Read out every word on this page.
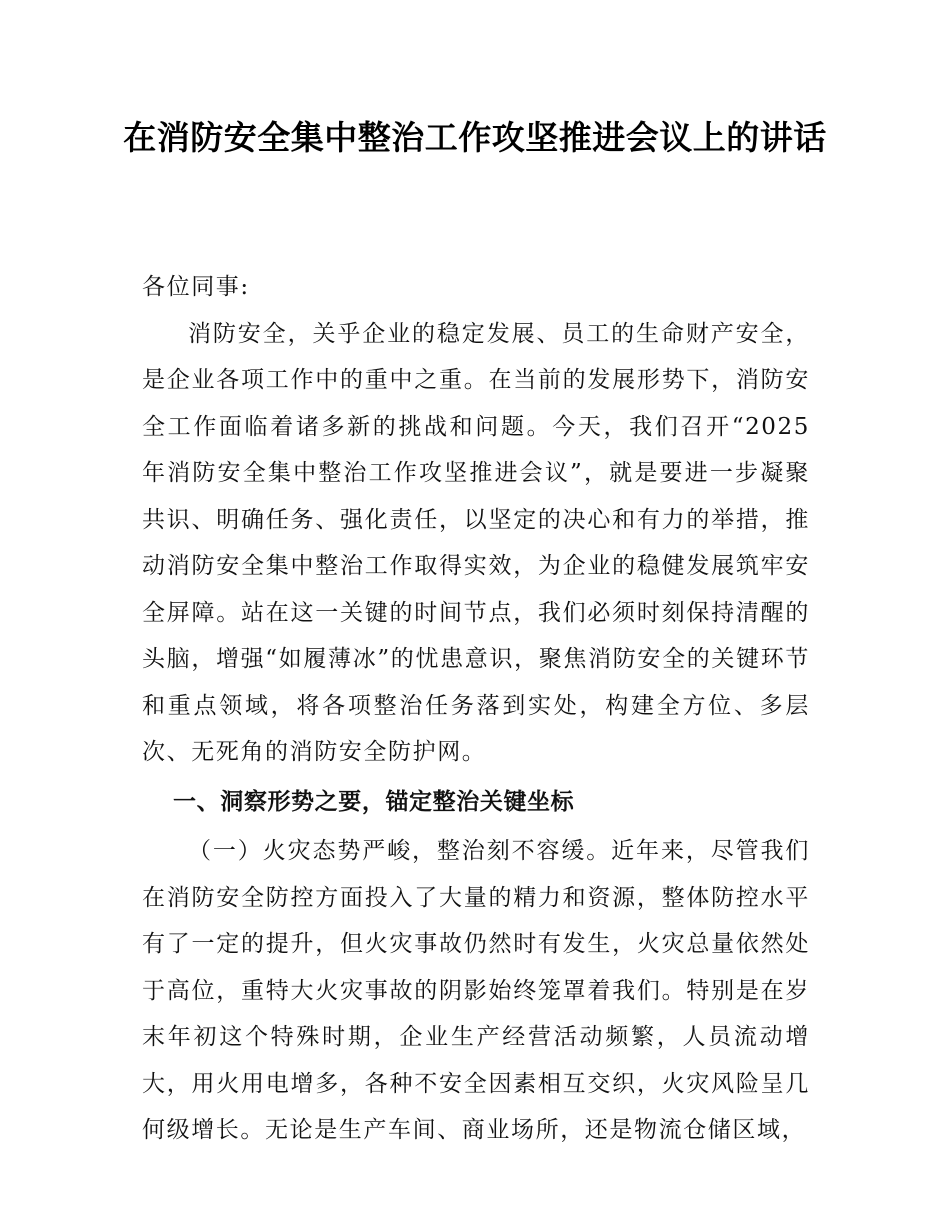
在消防安全集中整治工作攻坚推进会议上的讲话

各位同事:

消防安全，关乎企业的稳定发展、员工的生命财产安全，是企业各项工作中的重中之重。在当前的发展形势下，消防安全工作面临着诸多新的挑战和问题。今天，我们召开“2025年消防安全集中整治工作攻坚推进会议”，就是要进一步凝聚共识、明确任务、强化责任，以坚定的决心和有力的举措，推动消防安全集中整治工作取得实效，为企业的稳健发展筑牢安全屏障。站在这一关键的时间节点，我们必须时刻保持清醒的头脑，增强“如履薄冰”的忧患意识，聚焦消防安全的关键环节和重点领域，将各项整治任务落到实处，构建全方位、多层次、无死角的消防安全防护网。

一、洞察形势之要，锚定整治关键坐标

（一）火灾态势严峻，整治刻不容缓。近年来，尽管我们在消防安全防控方面投入了大量的精力和资源，整体防控水平有了一定的提升，但火灾事故仍然时有发生，火灾总量依然处于高位，重特大火灾事故的阴影始终笼罩着我们。特别是在岁末年初这个特殊时期，企业生产经营活动频繁，人员流动增大，用火用电增多，各种不安全因素相互交织，火灾风险呈几何级增长。无论是生产车间、商业场所，还是物流仓储区域，
